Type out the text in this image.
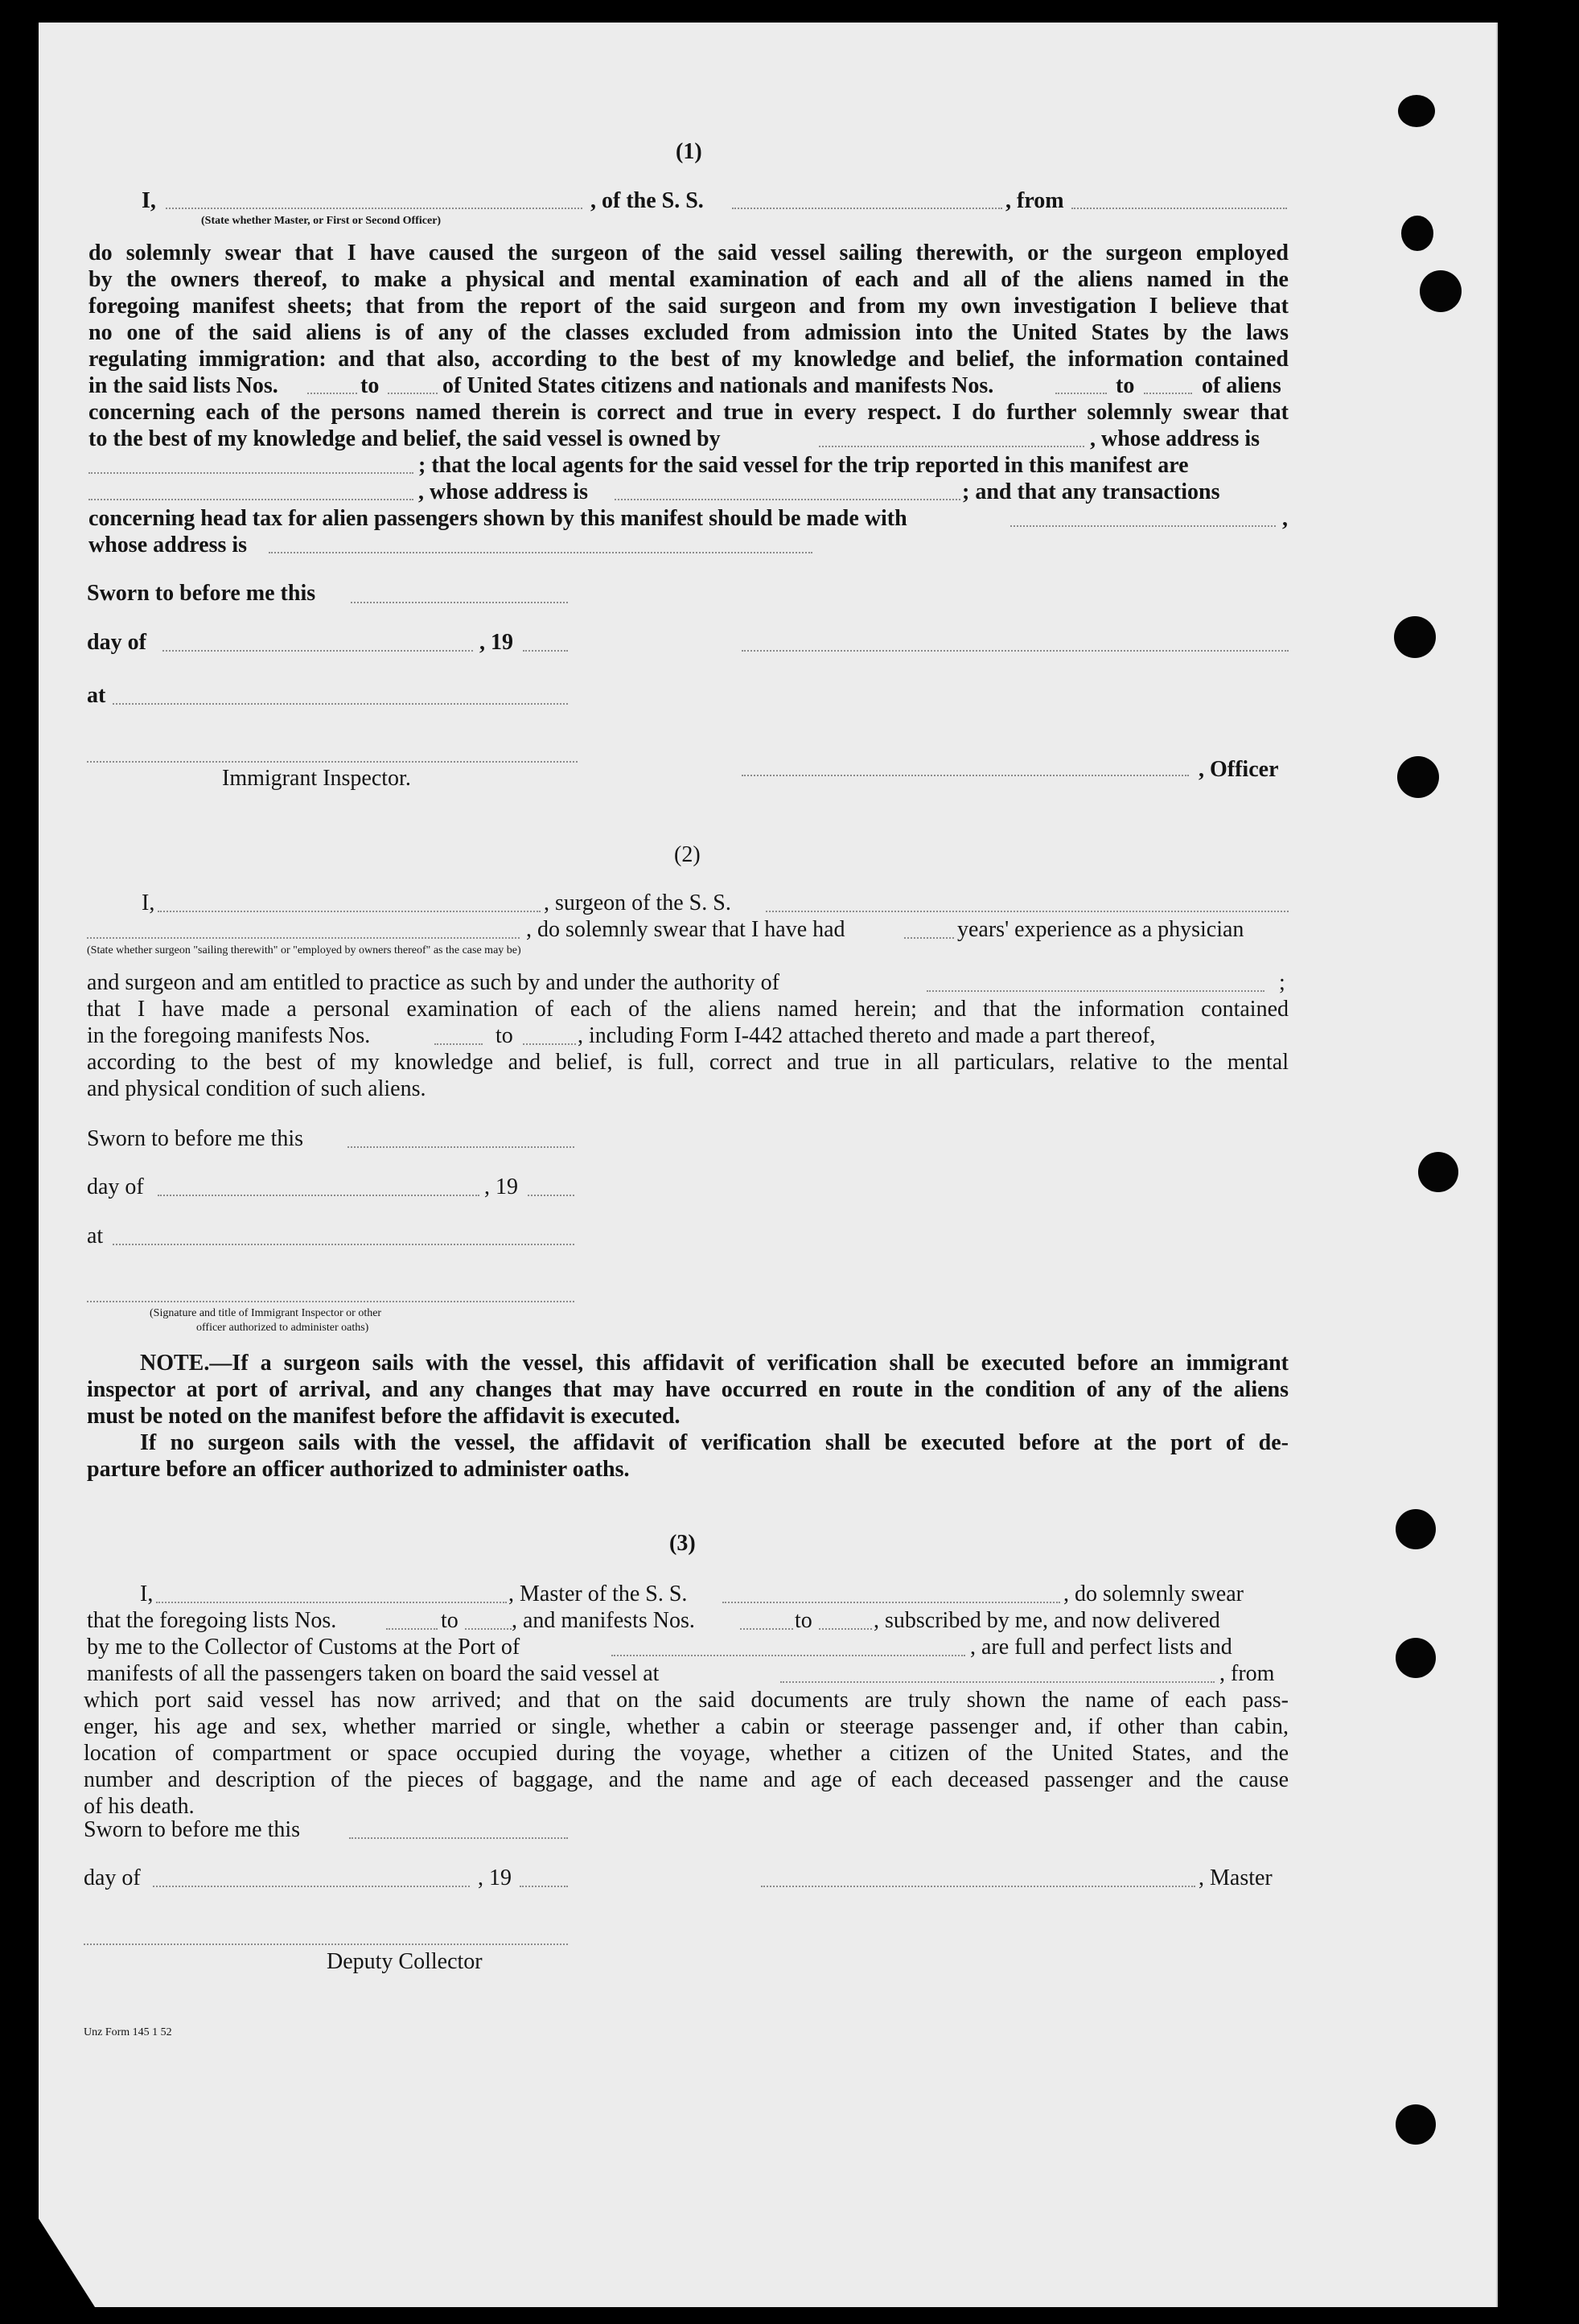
(1)
I,	, of the S. S.	, from
(State whether Master, or First or Second Officer)
do solemnly swear that I have caused the surgeon of the said vessel sailing therewith, or the surgeon employed
by the owners thereof, to make a physical and mental examination of each and all of the aliens named in the
foregoing manifest sheets; that from the report of the said surgeon and from my own investigation I believe that
no one of the said aliens is of any of the classes excluded from admission into the United States by the laws
regulating immigration: and that also, according to the best of my knowledge and belief, the information contained
in the said lists Nos.	to	of United States citizens and nationals and manifests Nos.	to	of aliens
concerning each of the persons named therein is correct and true in every respect. I do further solemnly swear that
to the best of my knowledge and belief, the said vessel is owned by	, whose address is
; that the local agents for the said vessel for the trip reported in this manifest are
, whose address is	; and that any transactions
concerning head tax for alien passengers shown by this manifest should be made with	,
whose address is
Sworn to before me this
day of	, 19
at
, Officer
Immigrant Inspector.
(2)
I,	, surgeon of the S. S.
, do solemnly swear that I have had	years' experience as a physician
(State whether surgeon "sailing therewith" or "employed by owners thereof" as the case may be)
and surgeon and am entitled to practice as such by and under the authority of	;
that I have made a personal examination of each of the aliens named herein; and that the information contained
in the foregoing manifests Nos.	to	, including Form I-442 attached thereto and made a part thereof,
according to the best of my knowledge and belief, is full, correct and true in all particulars, relative to the mental
and physical condition of such aliens.
Sworn to before me this
day of	, 19
at
(Signature and title of Immigrant Inspector or other
officer authorized to administer oaths)
NOTE.—If a surgeon sails with the vessel, this affidavit of verification shall be executed before an immigrant
inspector at port of arrival, and any changes that may have occurred en route in the condition of any of the aliens
must be noted on the manifest before the affidavit is executed.
If no surgeon sails with the vessel, the affidavit of verification shall be executed before at the port of de-
parture before an officer authorized to administer oaths.
(3)
I,	, Master of the S. S.	, do solemnly swear
that the foregoing lists Nos.	to , and manifests Nos.	to	, subscribed by me, and now delivered
by me to the Collector of Customs at the Port of	, are full and perfect lists and
manifests of all the passengers taken on board the said vessel at	, from
which port said vessel has now arrived; and that on the said documents are truly shown the name of each pass-
enger, his age and sex, whether married or single, whether a cabin or steerage passenger and, if other than cabin,
location of compartment or space occupied during the voyage, whether a citizen of the United States, and the
number and description of the pieces of baggage, and the name and age of each deceased passenger and the cause
of his death.
Sworn to before me this
day of	, 19	, Master
Deputy Collector
Unz Form 145 1 52
